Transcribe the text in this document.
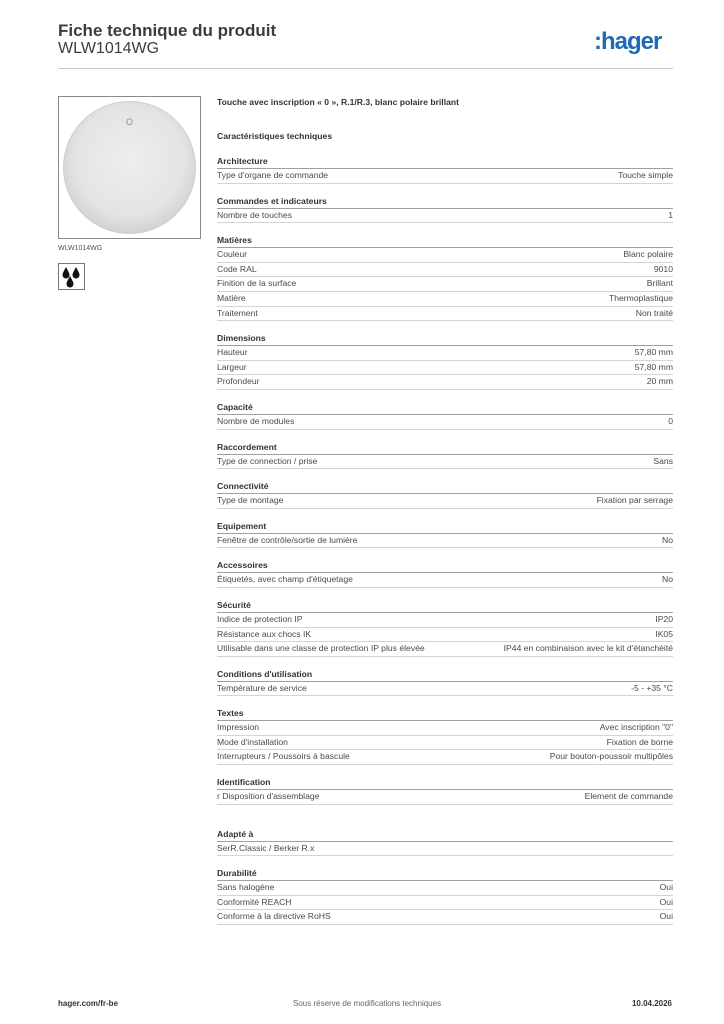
Fiche technique du produit
WLW1014WG	:hager
O
WLW1014WG
Touche avec inscription « 0 », R.1/R.3, blanc polaire brillant
Caractéristiques techniques
Architecture
Type d'organe de commande	Touche simple
Commandes et indicateurs
Nombre de touches	1
Matières
Couleur	Blanc polaire
Code RAL	9010
Finition de la surface	Brillant
Matière	Thermoplastique
Traitement	Non traité
Dimensions
Hauteur	57,80 mm
Largeur	57,80 mm
Profondeur	20 mm
Capacité
Nombre de modules	0
Raccordement
Type de connection / prise	Sans
Connectivité
Type de montage	Fixation par serrage
Equipement
Fenêtre de contrôle/sortie de lumière	No
Accessoires
Étiquetés, avec champ d'étiquetage	No
Sécurité
Indice de protection IP	IP20
Résistance aux chocs IK	IK05
Utilisable dans une classe de protection IP plus élevée	IP44 en combinaison avec le kit d'étanchéité
Conditions d'utilisation
Température de service	-5 - +35 °C
Textes
Impression	Avec inscription "0"
Mode d'installation	Fixation de borne
Interrupteurs / Poussoirs à bascule	Pour bouton-poussoir multipôles
Identification
r Disposition d'assemblage	Element de commande
Adapté à
SerR.Classic / Berker R.x
Durabilité
Sans halogène	Oui
Conformité REACH	Oui
Conforme à la directive RoHS	Oui
hager.com/fr-be	Sous réserve de modifications techniques	10.04.2026
